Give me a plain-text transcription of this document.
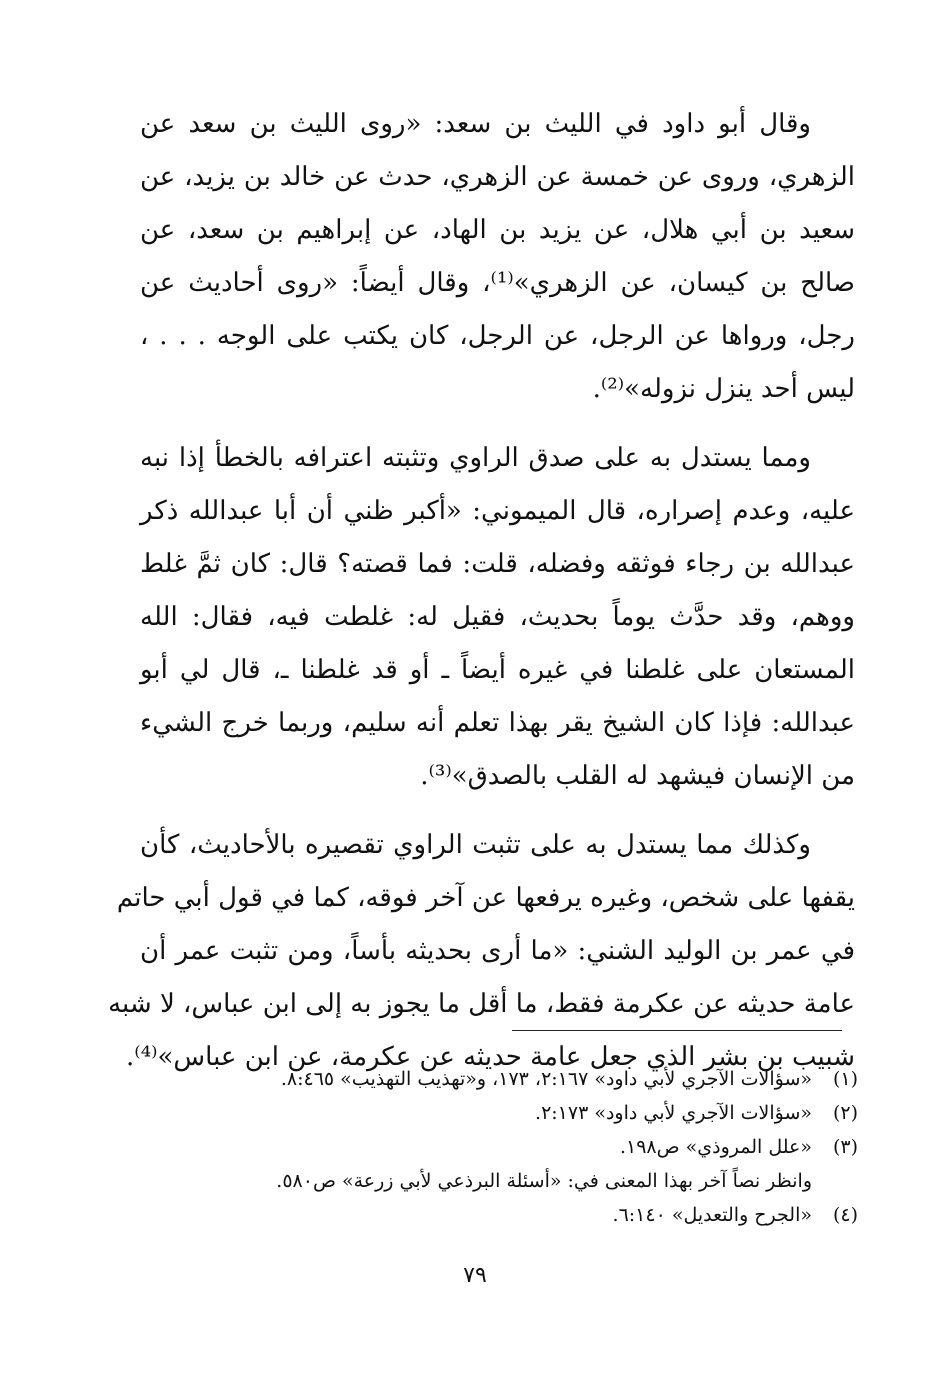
وقال أبو داود في الليث بن سعد: «روى الليث بن سعد عن
الزهري، وروى عن خمسة عن الزهري، حدث عن خالد بن يزيد، عن
سعيد بن أبي هلال، عن يزيد بن الهاد، عن إبراهيم بن سعد، عن
صالح بن كيسان، عن الزهري»⁽¹⁾، وقال أيضاً: «روى أحاديث عن
رجل، ورواها عن الرجل، عن الرجل، كان يكتب على الوجه . . . ،
ليس أحد ينزل نزوله»⁽²⁾.
ومما يستدل به على صدق الراوي وتثبته اعترافه بالخطأ إذا نبه
عليه، وعدم إصراره، قال الميموني: «أكبر ظني أن أبا عبدالله ذكر
عبدالله بن رجاء فوثقه وفضله، قلت: فما قصته؟ قال: كان ثمَّ غلط
ووهم، وقد حدَّث يوماً بحديث، فقيل له: غلطت فيه، فقال: الله
المستعان على غلطنا في غيره أيضاً ـ أو قد غلطنا ـ، قال لي أبو
عبدالله: فإذا كان الشيخ يقر بهذا تعلم أنه سليم، وربما خرج الشيء
من الإنسان فيشهد له القلب بالصدق»⁽³⁾.
وكذلك مما يستدل به على تثبت الراوي تقصيره بالأحاديث، كأن
يقفها على شخص، وغيره يرفعها عن آخر فوقه، كما في قول أبي حاتم
في عمر بن الوليد الشني: «ما أرى بحديثه بأساً، ومن تثبت عمر أن
عامة حديثه عن عكرمة فقط، ما أقل ما يجوز به إلى ابن عباس، لا شبه
شبيب بن بشر الذي جعل عامة حديثه عن عكرمة، عن ابن عباس»⁽⁴⁾.
(١)«سؤالات الآجري لأبي داود» ٢:١٦٧، ١٧٣، و«تهذيب التهذيب» ٨:٤٦٥.
(٢)«سؤالات الآجري لأبي داود» ٢:١٧٣.
(٣)«علل المروذي» ص١٩٨.
وانظر نصاً آخر بهذا المعنى في: «أسئلة البرذعي لأبي زرعة» ص٥٨٠.
(٤)«الجرح والتعديل» ٦:١٤٠.
٧٩
